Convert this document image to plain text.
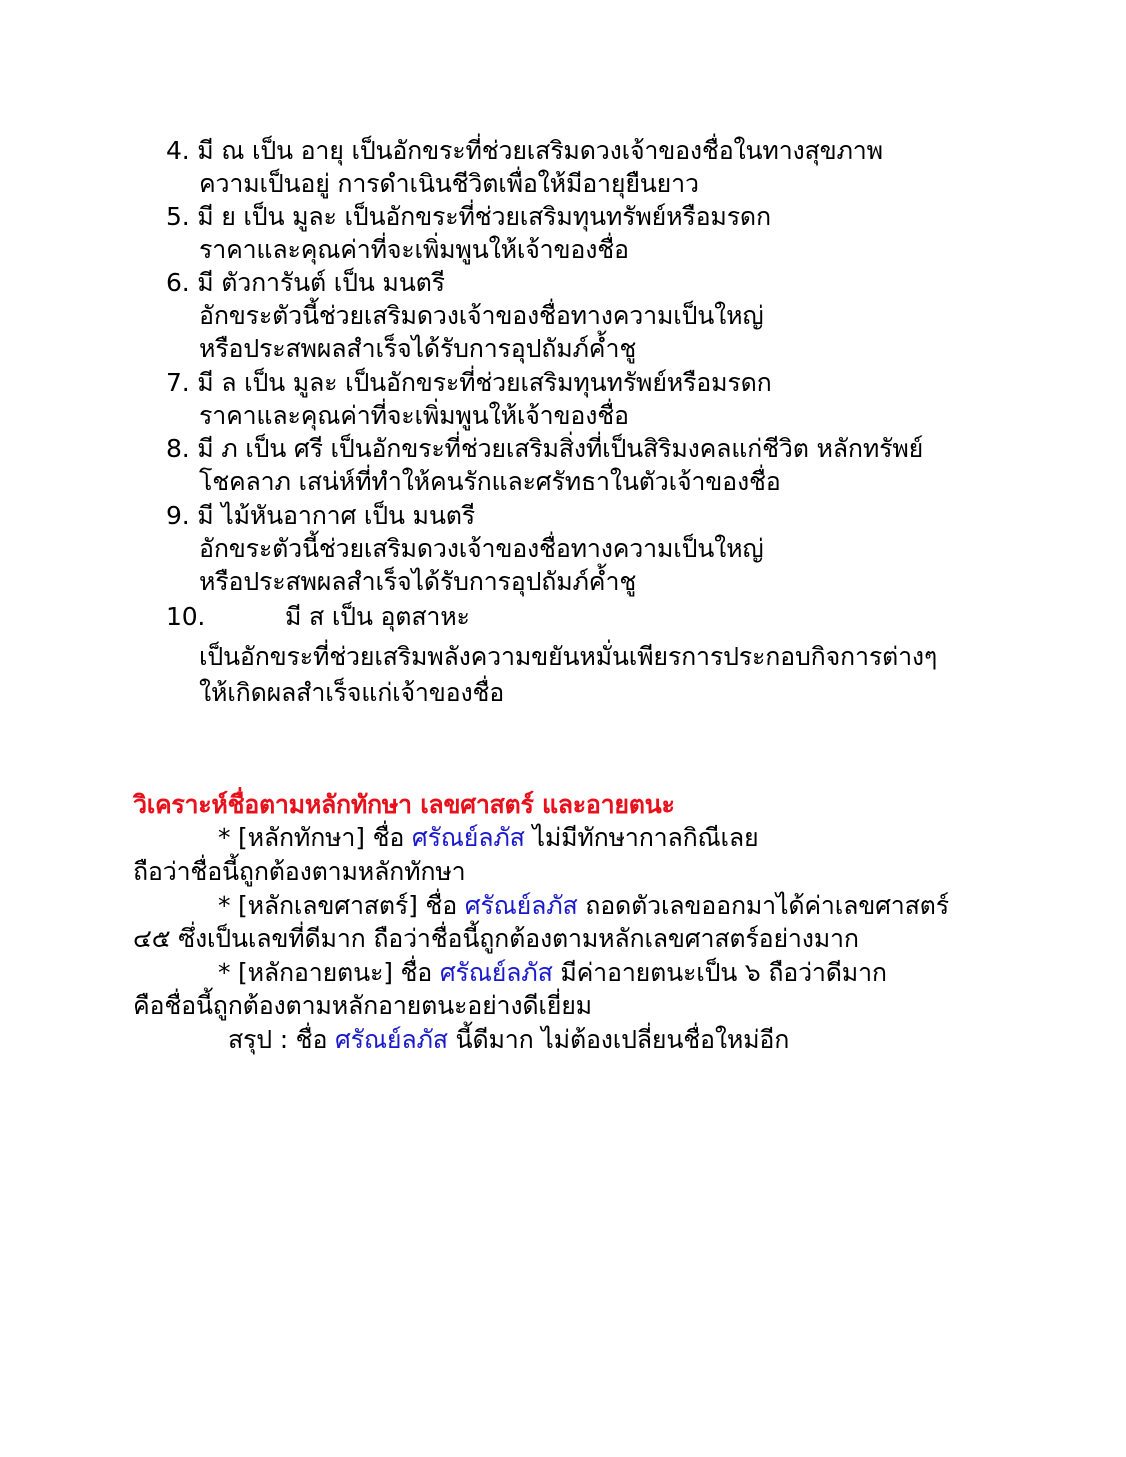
4. มี ณ เป็น อายุ เป็นอักขระที่ช่วยเสริมดวงเจ้าของชื่อในทางสุขภาพ
ความเป็นอยู่ การดำเนินชีวิตเพื่อให้มีอายุยืนยาว
5. มี ย เป็น มูละ เป็นอักขระที่ช่วยเสริมทุนทรัพย์หรือมรดก
ราคาและคุณค่าที่จะเพิ่มพูนให้เจ้าของชื่อ
6. มี ตัวการันต์ เป็น มนตรี
อักขระตัวนี้ช่วยเสริมดวงเจ้าของชื่อทางความเป็นใหญ่
หรือประสพผลสำเร็จได้รับการอุปถัมภ์ค้ำชู
7. มี ล เป็น มูละ เป็นอักขระที่ช่วยเสริมทุนทรัพย์หรือมรดก
ราคาและคุณค่าที่จะเพิ่มพูนให้เจ้าของชื่อ
8. มี ภ เป็น ศรี เป็นอักขระที่ช่วยเสริมสิ่งที่เป็นสิริมงคลแก่ชีวิต หลักทรัพย์
โชคลาภ เสน่ห์ที่ทำให้คนรักและศรัทธาในตัวเจ้าของชื่อ
9. มี ไม้หันอากาศ เป็น มนตรี
อักขระตัวนี้ช่วยเสริมดวงเจ้าของชื่อทางความเป็นใหญ่
หรือประสพผลสำเร็จได้รับการอุปถัมภ์ค้ำชู
10.	มี ส เป็น อุตสาหะ
เป็นอักขระที่ช่วยเสริมพลังความขยันหมั่นเพียรการประกอบกิจการต่างๆ
ให้เกิดผลสำเร็จแก่เจ้าของชื่อ
วิเคราะห์ชื่อตามหลักทักษา เลขศาสตร์ และอายตนะ
* [หลักทักษา] ชื่อ ศรัณย์ลภัส ไม่มีทักษากาลกิณีเลย
ถือว่าชื่อนี้ถูกต้องตามหลักทักษา
* [หลักเลขศาสตร์] ชื่อ ศรัณย์ลภัส ถอดตัวเลขออกมาได้ค่าเลขศาสตร์
๔๕ ซึ่งเป็นเลขที่ดีมาก ถือว่าชื่อนี้ถูกต้องตามหลักเลขศาสตร์อย่างมาก
* [หลักอายตนะ] ชื่อ ศรัณย์ลภัส มีค่าอายตนะเป็น ๖ ถือว่าดีมาก
คือชื่อนี้ถูกต้องตามหลักอายตนะอย่างดีเยี่ยม
สรุป : ชื่อ ศรัณย์ลภัส นี้ดีมาก ไม่ต้องเปลี่ยนชื่อใหม่อีก
